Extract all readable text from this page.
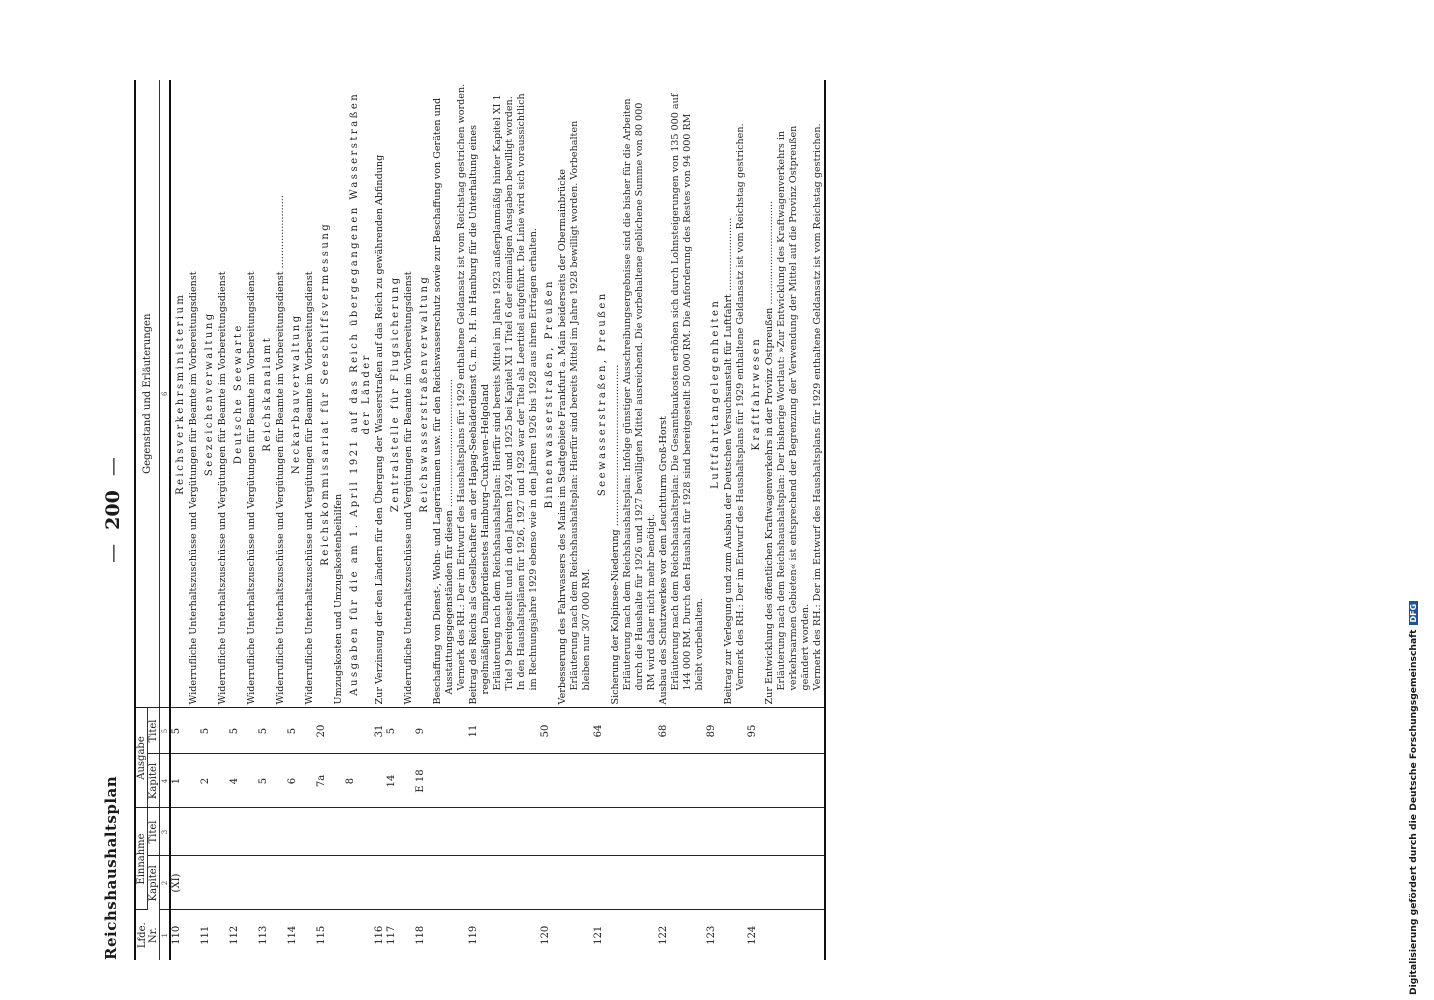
Reichshaushaltsplan
— 200 —
Lfde. Nr.	Einnahme		Ausgabe		Gegenstand und Erläuterungen
	Kapitel	Titel	Kapitel	Titel	
1	2	3	4	5	6
110	(XI)		1	5	Reichsverkehrsministerium Widerrufliche Unterhaltszuschüsse und Vergütungen für Beamte im Vorbereitungsdienst

111			2	5	Seezeichenverwaltung Widerrufliche Unterhaltszuschüsse und Vergütungen für Beamte im Vorbereitungsdienst

112			4	5	Deutsche Seewarte Widerrufliche Unterhaltszuschüsse und Vergütungen für Beamte im Vorbereitungsdienst

113			5	5	Reichskanalamt Widerrufliche Unterhaltszuschüsse und Vergütungen für Beamte im Vorbereitungsdienst ........................

114			6	5	Neckarbauverwaltung Widerrufliche Unterhaltszuschüsse und Vergütungen für Beamte im Vorbereitungsdienst

115			7a	20	Reichskommissariat für Seeschiffsvermessung
Umzugskosten und Umzugskostenbeihilfen

			8		Ausgaben für die am 1. April 1921 auf das Reich übergegangenen Wasserstraßen der Länder

116				31	Zur Verzinsung der den Ländern für den Übergang der Wasserstraßen auf das Reich zu gewährenden Abfindung

117			14	5	Zentralstelle für Flugsicherung Widerrufliche Unterhaltszuschüsse und Vergütungen für Beamte im Vorbereitungsdienst

118			E 18	9	Reichswasserstraßenverwaltung Beschaffung von Dienst-, Wohn- und Lagerräumen usw. für den Reichswasserschutz sowie zur Beschaffung von Geräten und Ausstattungsgegenständen für diesen .......................................... Vermerk des RH.: Der im Entwurf des Haushaltsplans für 1929 enthaltene Geldansatz ist vom Reichstag gestrichen worden.

119				11	Beitrag des Reichs als Gesellschafter an der Hapag-Seebäderdienst G. m. b. H. in Hamburg für die Unterhaltung eines regelmäßigen Dampferdienstes Hamburg–Cuxhaven–Helgoland Erläuterung nach dem Reichshaushaltsplan: Hierfür sind bereits Mittel im Jahre 1923 außerplanmäßig hinter Kapitel XI 1 Titel 9 bereitgestellt und in den Jahren 1924 und 1925 bei Kapitel XI 1 Titel 6 der einmaligen Ausgaben bewilligt worden. In den Haushaltsplänen für 1926, 1927 und 1928 war der Titel als Leertitel aufgeführt. Die Linie wird sich voraussichtlich im Rechnungsjahre 1929 ebenso wie in den Jahren 1926 bis 1928 aus ihren Erträgen erhalten.

120				50	Binnenwasserstraßen, Preußen Verbesserung des Fahrwassers des Mains im Stadtgebiete Frankfurt a. Main beiderseits der Obermainbrücke Erläuterung nach dem Reichshaushaltsplan: Hierfür sind bereits Mittel im Jahre 1928 bewilligt worden. Vorbehalten bleiben nur 307 000 RM.

121				64	Seewasserstraßen, Preußen Sicherung der Kolpinsee-Niederung ..................................................... Erläuterung nach dem Reichshaushaltsplan: Infolge günstiger Ausschreibungsergebnisse sind die bisher für die Arbeiten durch die Haushalte für 1926 und 1927 bewilligten Mittel ausreichend. Die vorbehaltene geblichene Summe von 80 000 RM wird daher nicht mehr benötigt.

122				68	Ausbau des Schutzwerkes vor dem Leuchtturm Groß-Horst Erläuterung nach dem Reichshaushaltsplan: Die Gesamtbaukosten erhöhen sich durch Lohnsteigerungen von 135 000 auf 144 000 RM. Durch den Haushalt für 1928 sind bereitgestellt 50 000 RM. Die Anforderung des Restes von 94 000 RM bleibt vorbehalten.

123				89	Luftfahrtangelegenheiten Beitrag zur Verlegung und zum Ausbau der Deutschen Versuchsanstalt für Luftfahrt ........................ Vermerk des RH.: Der im Entwurf des Haushaltsplans für 1929 enthaltene Geldansatz ist vom Reichstag gestrichen.

124				95	Kraftfahrwesen Zur Entwicklung des öffentlichen Kraftwagenverkehrs in der Provinz Ostpreußen .................................. Erläuterung nach dem Reichshaushaltsplan: Der bisherige Wortlaut: »Zur Entwicklung des Kraftwagenverkehrs in verkehrsarmen Gebieten« ist entsprechend der Begrenzung der Verwendung der Mittel auf die Provinz Ostpreußen geändert worden. Vermerk des RH.: Der im Entwurf des Haushaltsplans für 1929 enthaltene Geldansatz ist vom Reichstag gestrichen.
Digitalisierung gefördert durch die Deutsche ForschungsgemeinschaftDFG
